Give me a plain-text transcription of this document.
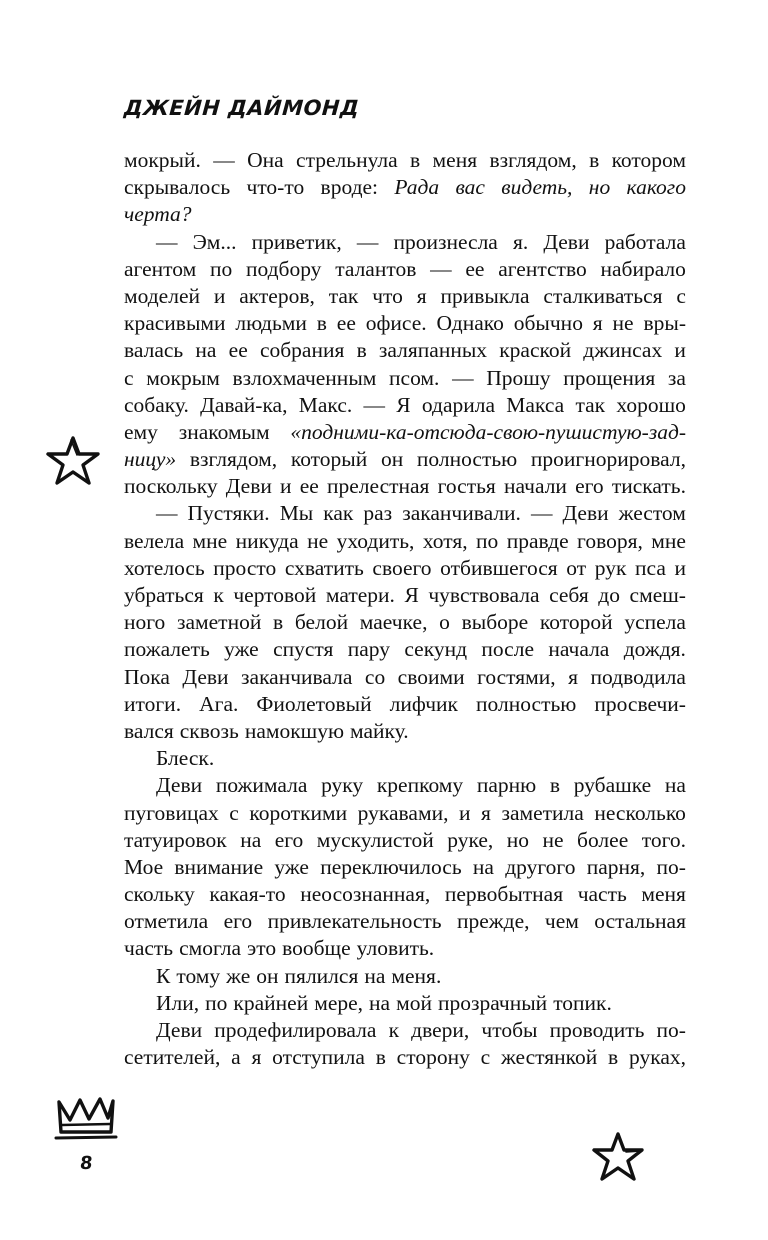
ДЖЕЙН ДАЙМОНД
мокрый. — Она стрельнула в меня взглядом, в котором
скрывалось что-то вроде: Рада вас видеть, но какого
черта?
— Эм... приветик, — произнесла я. Деви работала
агентом по подбору талантов — ее агентство набирало
моделей и актеров, так что я привыкла сталкиваться с
красивыми людьми в ее офисе. Однако обычно я не вры-
валась на ее собрания в заляпанных краской джинсах и
с мокрым взлохмаченным псом. — Прошу прощения за
собаку. Давай-ка, Макс. — Я одарила Макса так хорошо
ему знакомым «подними-ка-отсюда-свою-пушистую-зад-
ницу» взглядом, который он полностью проигнорировал,
поскольку Деви и ее прелестная гостья начали его тискать.
— Пустяки. Мы как раз заканчивали. — Деви жестом
велела мне никуда не уходить, хотя, по правде говоря, мне
хотелось просто схватить своего отбившегося от рук пса и
убраться к чертовой матери. Я чувствовала себя до смеш-
ного заметной в белой маечке, о выборе которой успела
пожалеть уже спустя пару секунд после начала дождя.
Пока Деви заканчивала со своими гостями, я подводила
итоги. Ага. Фиолетовый лифчик полностью просвечи-
вался сквозь намокшую майку.
Блеск.
Деви пожимала руку крепкому парню в рубашке на
пуговицах с короткими рукавами, и я заметила несколько
татуировок на его мускулистой руке, но не более того.
Мое внимание уже переключилось на другого парня, по-
скольку какая-то неосознанная, первобытная часть меня
отметила его привлекательность прежде, чем остальная
часть смогла это вообще уловить.
К тому же он пялился на меня.
Или, по крайней мере, на мой прозрачный топик.
Деви продефилировала к двери, чтобы проводить по-
сетителей, а я отступила в сторону с жестянкой в руках,
8
